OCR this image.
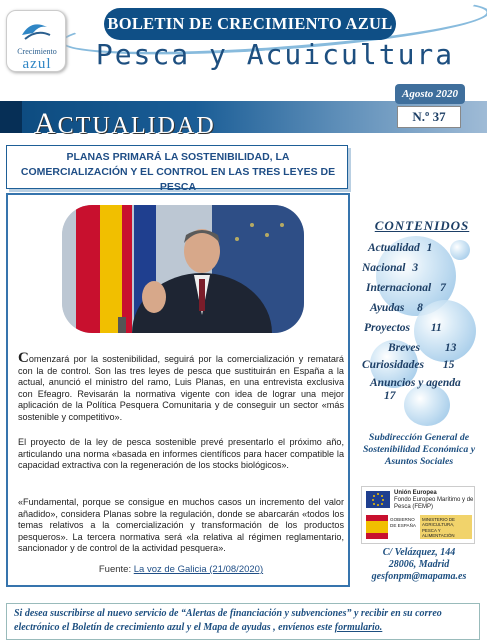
Crecimiento
azul
BOLETIN DE CRECIMIENTO AZUL
Pesca y Acuicultura
ACTUALIDAD
Agosto 2020
N.º 37
PLANAS PRIMARÁ LA SOSTENIBILIDAD, LA COMERCIALIZACIÓN Y EL CONTROL EN LAS TRES LEYES DE PESCA
Comenzará por la sostenibilidad, seguirá por la comercialización y rematará con la de control. Son las tres leyes de pesca que sustituirán en España a la actual, anunció el ministro del ramo, Luis Planas, en una entrevista exclusiva con Efeagro. Revisarán la normativa vigente con idea de lograr una mejor aplicación de la Política Pesquera Comunitaria y de conseguir un sector «más sostenible y competitivo».
El proyecto de la ley de pesca sostenible prevé presentarlo el próximo año, articulando una norma «basada en informes científicos para hacer compatible la capacidad extractiva con la regeneración de los stocks biológicos».
«Fundamental, porque se consigue en muchos casos un incremento del valor añadido», considera Planas sobre la regulación, donde se abarcarán «todos los temas relativos a la comercialización y transformación de los productos pesqueros». La tercera normativa será «la relativa al régimen reglamentario, sancionador y de control de la actividad pesquera».
Fuente: La voz de Galicia (21/08/2020)
CONTENIDOS
Actualidad 1
Nacional 3
Internacional 7
Ayudas 8
Proyectos 11
Breves 13
Curiosidades 15
Anuncios y agenda 17
Subdirección General de Sostenibilidad Económica y Asuntos Sociales
Unión Europea
Fondo Europeo Marítimo y de Pesca (FEMP)
GOBIERNO DE ESPAÑA
MINISTERIO DE AGRICULTURA, PESCA Y ALIMENTACIÓN
C/ Velázquez, 144
28006, Madrid
gesfonpm@mapama.es
Si desea suscribirse al nuevo servicio de “Alertas de financiación y subvenciones” y recibir en su correo electrónico el Boletín de crecimiento azul y el Mapa de ayudas , envíenos este formulario.
